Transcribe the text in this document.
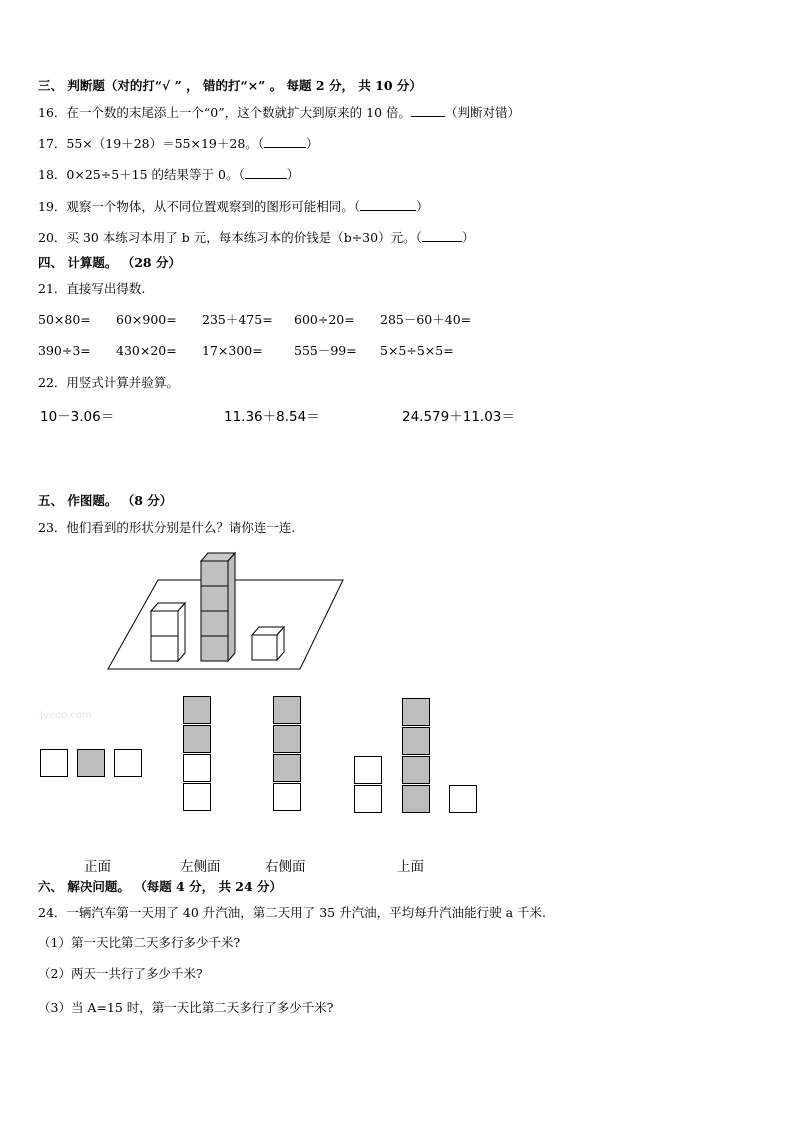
三、 判断题（对的打“√ ” ， 错的打“×” 。 每题 2 分， 共 10 分）
16．在一个数的末尾添上一个“0”，这个数就扩大到原来的 10 倍。	（判断对错）
17．55×（19＋28）＝55×19＋28。（	）
18．0×25÷5＋15 的结果等于 0。（	）
19．观察一个物体，从不同位置观察到的图形可能相同。（	）
20．买 30 本练习本用了 b 元，每本练习本的价钱是（b÷30）元。（	）
四、 计算题。 （28 分）
21．直接写出得数.
50×80= 60×900= 235＋475= 600÷20= 285－60＋40=
390÷3= 430×20= 17×300=	555－99= 5×5÷5×5=
22．用竖式计算并验算。
10－3.06＝	11.36＋8.54＝	24.579＋11.03＝
五、 作图题。 （8 分）
23．他们看到的形状分别是什么？请你连一连.
Jyeoo.com
正面	左侧面	右侧面	上面
六、 解决问题。 （每题 4 分， 共 24 分）
24．一辆汽车第一天用了 40 升汽油，第二天用了 35 升汽油，平均每升汽油能行驶 a 千米.
（1）第一天比第二天多行多少千米?
（2）两天一共行了多少千米?
（3）当 A=15 时，第一天比第二天多行了多少千米?
